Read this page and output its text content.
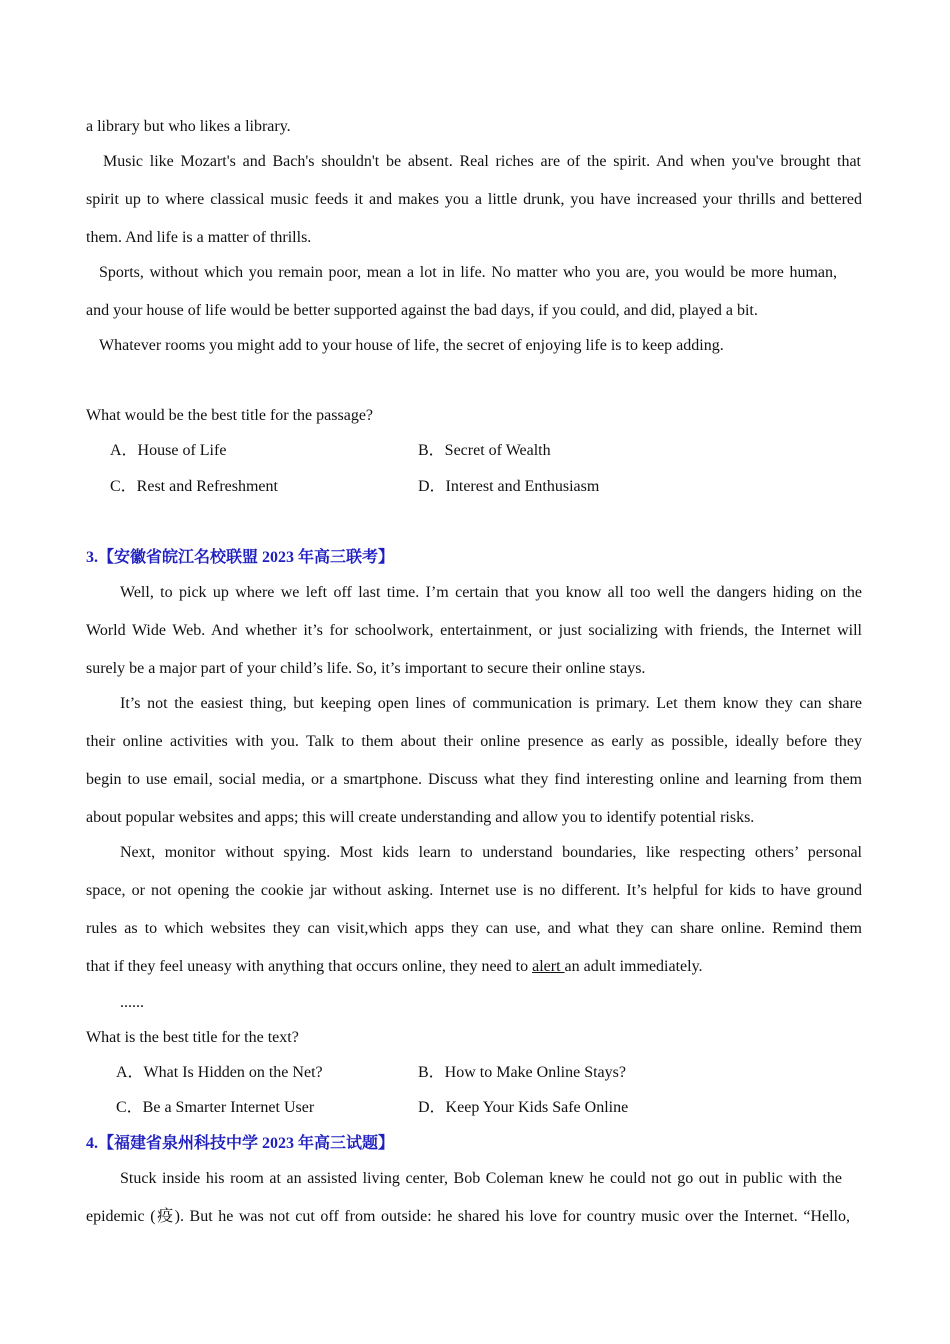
a library but who likes a library.
Music like Mozart's and Bach's shouldn't be absent. Real riches are of the spirit. And when you've brought that
spirit up to where classical music feeds it and makes you a little drunk, you have increased your thrills and bettered
them. And life is a matter of thrills.
Sports, without which you remain poor, mean a lot in life. No matter who you are, you would be more human,
and your house of life would be better supported against the bad days, if you could, and did, played a bit.
Whatever rooms you might add to your house of life, the secret of enjoying life is to keep adding.
What would be the best title for the passage?
A．House of Life	B．Secret of Wealth
C．Rest and Refreshment	D．Interest and Enthusiasm
3.【安徽省皖江名校联盟 2023 年高三联考】
Well, to pick up where we left off last time. I’m certain that you know all too well the dangers hiding on the
World Wide Web. And whether it’s for schoolwork, entertainment, or just socializing with friends, the Internet will
surely be a major part of your child’s life. So, it’s important to secure their online stays.
It’s not the easiest thing, but keeping open lines of communication is primary. Let them know they can share
their online activities with you. Talk to them about their online presence as early as possible, ideally before they
begin to use email, social media, or a smartphone. Discuss what they find interesting online and learning from them
about popular websites and apps; this will create understanding and allow you to identify potential risks.
Next, monitor without spying. Most kids learn to understand boundaries, like respecting others’ personal
space, or not opening the cookie jar without asking. Internet use is no different. It’s helpful for kids to have ground
rules as to which websites they can visit,which apps they can use, and what they can share online. Remind them
that if they feel uneasy with anything that occurs online, they need to alert an adult immediately.
......
What is the best title for the text?
A．What Is Hidden on the Net?	B．How to Make Online Stays?
C．Be a Smarter Internet User	D．Keep Your Kids Safe Online
4.【福建省泉州科技中学 2023 年高三试题】
Stuck inside his room at an assisted living center, Bob Coleman knew he could not go out in public with the
epidemic (疫). But he was not cut off from outside: he shared his love for country music over the Internet. “Hello,
